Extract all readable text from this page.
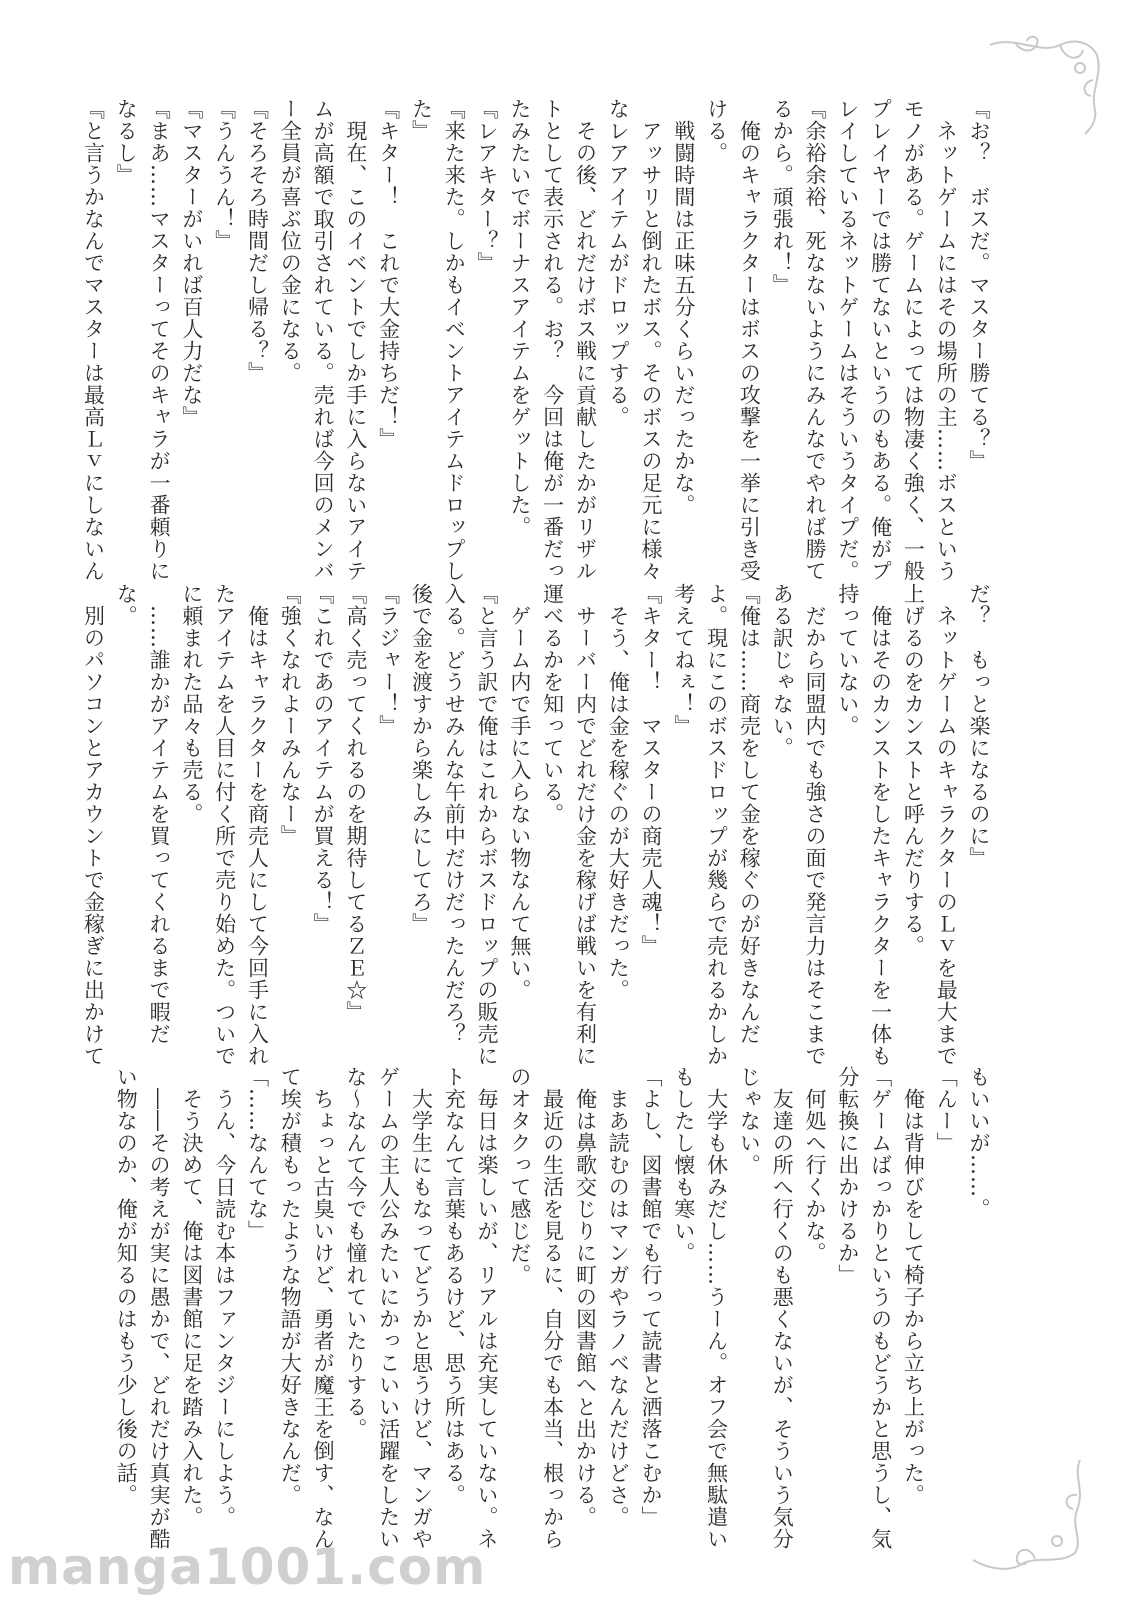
『お？　ボスだ。マスター勝てる？』

　ネットゲームにはその場所の主……ボスという

モノがある。ゲームによっては物凄く強く、一般

プレイヤーでは勝てないというのもある。俺がプ

レイしているネットゲームはそういうタイプだ。

『余裕余裕、死なないようにみんなでやれば勝て

るから。頑張れ！』

　俺のキャラクターはボスの攻撃を一挙に引き受

ける。

　戦闘時間は正味五分くらいだったかな。

　アッサリと倒れたボス。そのボスの足元に様々

なレアアイテムがドロップする。

　その後、どれだけボス戦に貢献したかがリザル

トとして表示される。お？　今回は俺が一番だっ

たみたいでボーナスアイテムをゲットした。

『レアキター？』

『来た来た。しかもイベントアイテムドロップし

た』

『キター！　これで大金持ちだ！』

　現在、このイベントでしか手に入らないアイテ

ムが高額で取引されている。売れば今回のメンバ

ー全員が喜ぶ位の金になる。

『そろそろ時間だし帰る？』

『うんうん！』

『マスターがいれば百人力だな』

『まあ……マスターってそのキャラが一番頼りに

なるし』

『と言うかなんでマスターは最高Ｌｖにしないん

だ？　もっと楽になるのに』

　ネットゲームのキャラクターのＬｖを最大まで

上げるのをカンストと呼んだりする。

　俺はそのカンストをしたキャラクターを一体も

持っていない。

　だから同盟内でも強さの面で発言力はそこまで

ある訳じゃない。

『俺は……商売をして金を稼ぐのが好きなんだ

よ。現にこのボスドロップが幾らで売れるかしか

考えてねぇ！』

『キター！　マスターの商売人魂！』

　そう、俺は金を稼ぐのが大好きだった。

　サーバー内でどれだけ金を稼げば戦いを有利に

運べるかを知っている。

　ゲーム内で手に入らない物なんて無い。

『と言う訳で俺はこれからボスドロップの販売に

入る。どうせみんな午前中だけだったんだろ？

後で金を渡すから楽しみにしてろ』

『ラジャー！』

『高く売ってくれるのを期待してるＺＥ☆』

『これであのアイテムが買える！』

『強くなれよーみんなー』

　俺はキャラクターを商売人にして今回手に入れ

たアイテムを人目に付く所で売り始めた。ついで

に頼まれた品々も売る。

　……誰かがアイテムを買ってくれるまで暇だ

な。

　別のパソコンとアカウントで金稼ぎに出かけて

もいいが……。

「んー」

　俺は背伸びをして椅子から立ち上がった。

「ゲームばっかりというのもどうかと思うし、気

分転換に出かけるか」

　何処へ行くかな。

　友達の所へ行くのも悪くないが、そういう気分

じゃない。

　大学も休みだし……うーん。オフ会で無駄遣い

もしたし懐も寒い。

「よし、図書館でも行って読書と洒落こむか」

　まあ読むのはマンガやラノベなんだけどさ。

　俺は鼻歌交じりに町の図書館へと出かける。

　最近の生活を見るに、自分でも本当、根っから

のオタクって感じだ。

　毎日は楽しいが、リアルは充実していない。ネ

ト充なんて言葉もあるけど、思う所はある。

　大学生にもなってどうかと思うけど、マンガや

ゲームの主人公みたいにかっこいい活躍をしたい

な～なんて今でも憧れていたりする。

　ちょっと古臭いけど、勇者が魔王を倒す、なん

て埃が積もったような物語が大好きなんだ。

「……なんてな」

　うん、今日読む本はファンタジーにしよう。

　そう決めて、俺は図書館に足を踏み入れた。

　――その考えが実に愚かで、どれだけ真実が酷

い物なのか、俺が知るのはもう少し後の話。

manga1001.com
